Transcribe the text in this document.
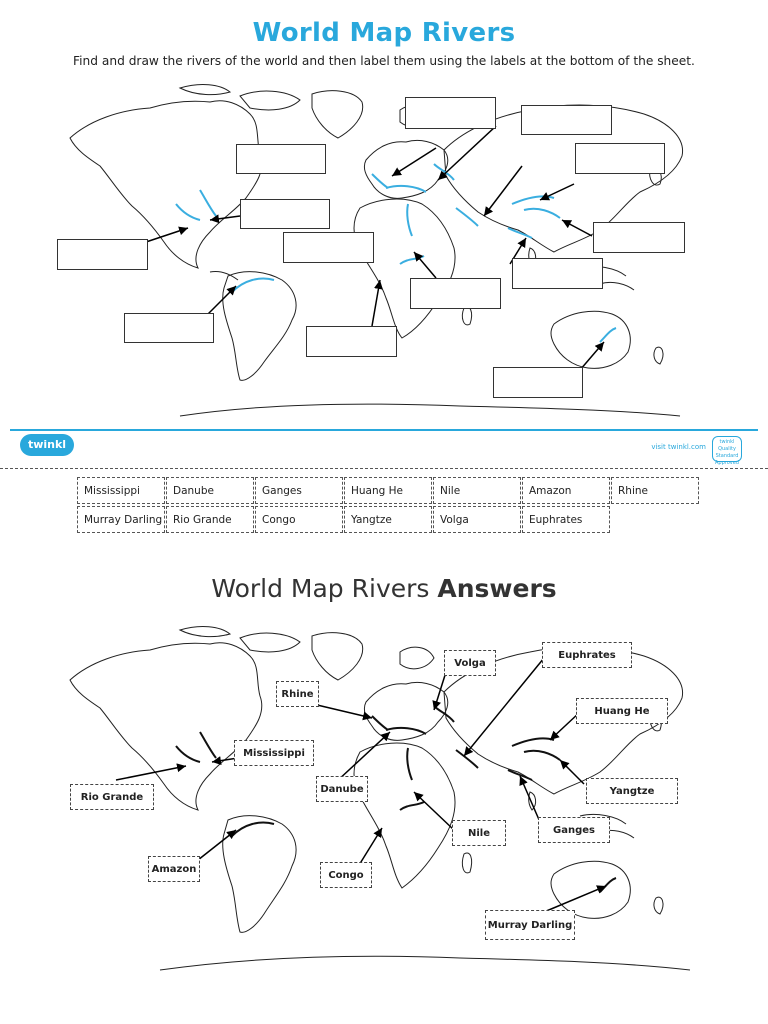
World Map Rivers
Find and draw the rivers of the world and then label them using the labels at the bottom of the sheet.
twinkl	visit twinkl.com
twinkl Quality Standard Approved
Mississippi	Danube	Ganges	Huang He	Nile	Amazon	Rhine
Murray Darling	Rio Grande	Congo	Yangtze	Volga	Euphrates
World Map Rivers Answers
Volga
Euphrates
Rhine
Huang He
Mississippi
Rio Grande
Danube	Yangtze
Nile	Ganges
Amazon
Congo
Murray Darling
